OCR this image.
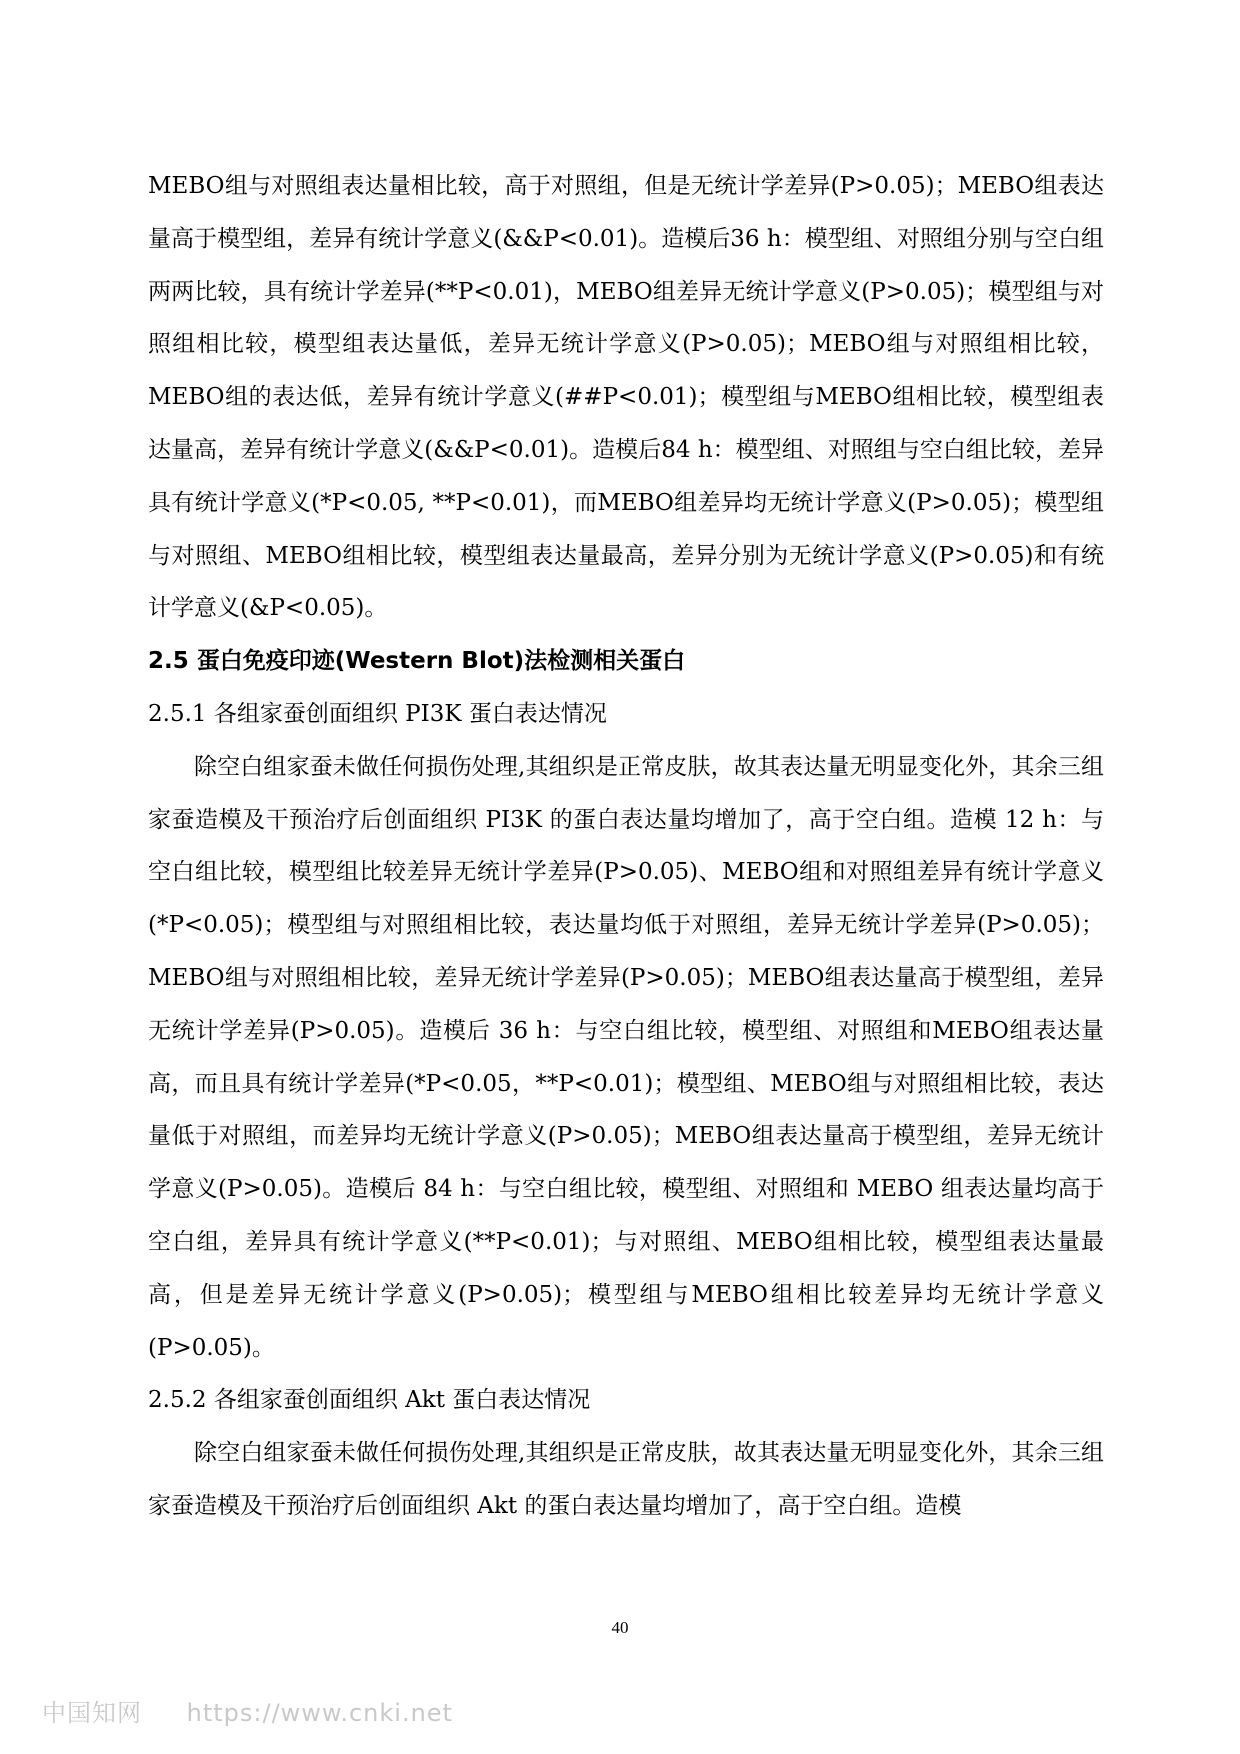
MEBO组与对照组表达量相比较，高于对照组，但是无统计学差异(P>0.05)；MEBO组表达量高于模型组，差异有统计学意义(&&P<0.01)。造模后36 h：模型组、对照组分别与空白组两两比较，具有统计学差异(**P<0.01)，MEBO组差异无统计学意义(P>0.05)；模型组与对照组相比较，模型组表达量低，差异无统计学意义(P>0.05)；MEBO组与对照组相比较，MEBO组的表达低，差异有统计学意义(##P<0.01)；模型组与MEBO组相比较，模型组表达量高，差异有统计学意义(&&P<0.01)。造模后84 h：模型组、对照组与空白组比较，差异具有统计学意义(*P<0.05, **P<0.01)，而MEBO组差异均无统计学意义(P>0.05)；模型组与对照组、MEBO组相比较，模型组表达量最高，差异分别为无统计学意义(P>0.05)和有统计学意义(&P<0.05)。

2.5 蛋白免疫印迹(Western Blot)法检测相关蛋白

2.5.1 各组家蚕创面组织 PI3K 蛋白表达情况

除空白组家蚕未做任何损伤处理,其组织是正常皮肤，故其表达量无明显变化外，其余三组家蚕造模及干预治疗后创面组织 PI3K 的蛋白表达量均增加了，高于空白组。造模 12 h：与空白组比较，模型组比较差异无统计学差异(P>0.05)、MEBO组和对照组差异有统计学意义(*P<0.05)；模型组与对照组相比较，表达量均低于对照组，差异无统计学差异(P>0.05)；MEBO组与对照组相比较，差异无统计学差异(P>0.05)；MEBO组表达量高于模型组，差异无统计学差异(P>0.05)。造模后 36 h：与空白组比较，模型组、对照组和MEBO组表达量高，而且具有统计学差异(*P<0.05，**P<0.01)；模型组、MEBO组与对照组相比较，表达量低于对照组，而差异均无统计学意义(P>0.05)；MEBO组表达量高于模型组，差异无统计学意义(P>0.05)。造模后 84 h：与空白组比较，模型组、对照组和 MEBO 组表达量均高于空白组，差异具有统计学意义(**P<0.01)；与对照组、MEBO组相比较，模型组表达量最高，但是差异无统计学意义(P>0.05)；模型组与MEBO组相比较差异均无统计学意义(P>0.05)。

2.5.2 各组家蚕创面组织 Akt 蛋白表达情况

除空白组家蚕未做任何损伤处理,其组织是正常皮肤，故其表达量无明显变化外，其余三组家蚕造模及干预治疗后创面组织 Akt 的蛋白表达量均增加了，高于空白组。造模

40
中国知网 https://www.cnki.net
